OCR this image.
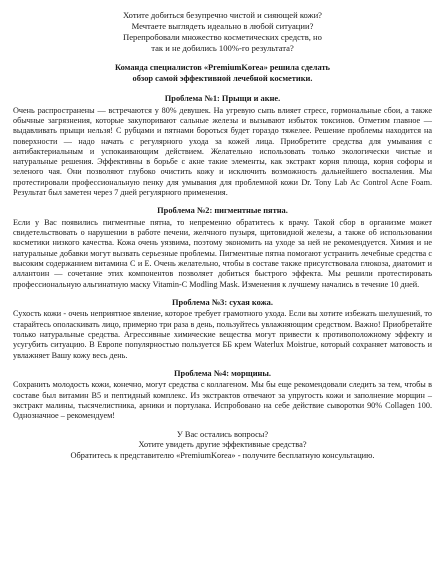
Хотите добиться безупречно чистой и сияющей кожи?

Мечтаете выглядеть идеально в любой ситуации?

Перепробовали множество косметических средств, но

так и не добились 100%-го результата?

Команда специалистов «PremiumKorea» решила сделать
обзор самой эффективной лечебной косметики.
Проблема №1: Прыщи и акне.

Очень распространены — встречаются у 80% девушек. На угревую сыпь влияет стресс, гормональные сбои, а также обычные загрязнения, которые закупоривают сальные железы и вызывают избыток токсинов. Отметим главное — выдавливать прыщи нельзя! С рубцами и пятнами бороться будет гораздо тяжелее. Решение проблемы находится на поверхности — надо начать с регулярного ухода за кожей лица. Приобретите средства для умывания с антибактериальным и успокаивающим действием. Желательно использовать только экологически чистые и натуральные решения. Эффективны в борьбе с акне такие элементы, как экстракт корня плюща, корня софоры и зеленого чая. Они позволяют глубоко очистить кожу и исключить возможность дальнейшего воспаления. Мы протестировали профессиональную пенку для умывания для проблемной кожи Dr. Tony Lab Ac Control Acne Foam. Результат был заметен через 7 дней регулярного применения.

Проблема №2: пигментные пятна.

Если у Вас появились пигментные пятна, то непременно обратитесь к врачу. Такой сбор в организме может свидетельствовать о нарушении в работе печени, желчного пузыря, щитовидной железы, а также об использовании косметики низкого качества. Кожа очень уязвима, поэтому экономить на уходе за ней не рекомендуется. Химия и не натуральные добавки могут вызвать серьезные проблемы. Пигментные пятна помогают устранить лечебные средства с высоким содержанием витамина С и Е. Очень желательно, чтобы в составе также присутствовала глюкоза, диатомит и аллантоин — сочетание этих компонентов позволяет добиться быстрого эффекта. Мы решили протестировать профессиональную альгинатную маску Vitamin-C Modling Mask. Изменения к лучшему начались в течение 10 дней.

Проблема №3: сухая кожа.

Сухость кожи - очень неприятное явление, которое требует грамотного ухода. Если вы хотите избежать шелушений, то старайтесь ополаскивать лицо, примерно три раза в день, пользуйтесь увлажняющим средством. Важно! Приобретайте только натуральные средства. Агрессивные химические вещества могут привести к противоположному эффекту и усугубить ситуацию. В Европе популярностью пользуется ББ крем Waterlux Moistrue, который сохраняет матовость и увлажняет Вашу кожу весь день.

Проблема №4: морщины.

Сохранить молодость кожи, конечно, могут средства с коллагеном. Мы бы еще рекомендовали следить за тем, чтобы в составе был витамин B5 и пептидный комплекс. Из экстрактов отвечают за упругость кожи и заполнение морщин – экстракт малины, тысячелистника, арники и портулака. Испробовано на себе действие сыворотки 90% Collagen 100. Однозначное – рекомендуем!

У Вас остались вопросы?

Хотите увидеть другие эффективные средства?

Обратитесь к представителю «PremiumKorea» - получите бесплатную консультацию.
